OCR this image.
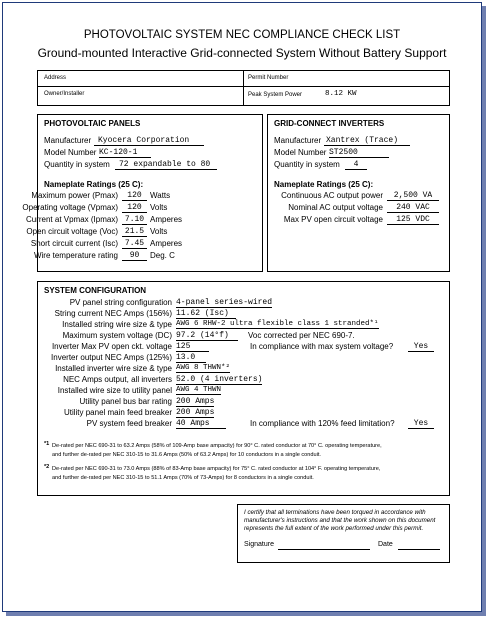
PHOTOVOLTAIC SYSTEM NEC COMPLIANCE CHECK LIST
Ground-mounted Interactive Grid-connected System Without Battery Support
Address	Permit Number
Owner/Installer	Peak System Power	8.12 KW
PHOTOVOLTAIC PANELS
Manufacturer Kyocera Corporation
Model Number KC-120-1
Quantity in system	72 expandable to 80
Nameplate Ratings (25 C):
Maximum power (Pmax)	120	Watts
Operating voltage (Vpmax)	120	Volts
Current at Vpmax (Ipmax) 7.10 Amperes
Open circuit voltage (Voc) 21.5 Volts
Short circuit current (Isc) 7.45 Amperes
Wire temperature rating	90	Deg. C
GRID-CONNECT INVERTERS
Manufacturer Xantrex (Trace)
Model Number ST2500
Quantity in system	4
Nameplate Ratings (25 C):
Continuous AC output power	2,500 VA
Nominal AC output voltage	240 VAC
Max PV open circuit voltage	125 VDC
SYSTEM CONFIGURATION
PV panel string configuration 4-panel series-wired
String current NEC Amps (156%) 11.62 (Isc)
Installed string wire size & type AWG 6 RHW-2 ultra flexible class 1 stranded*¹
Maximum system voltage (DC) 97.2 (14°f)	Voc corrected per NEC 690-7.
Inverter Max PV open ckt. voltage 125	In compliance with max system voltage?	Yes
Inverter output NEC Amps (125%) 13.0
Installed inverter wire size & type AWG 8 THWN*²
NEC Amps output, all inverters 52.0 (4 inverters)
Installed wire size to utility panel AWG 4 THWN
Utility panel bus bar rating 200 Amps
Utility panel main feed breaker 200 Amps
PV system feed breaker 40 Amps	In compliance with 120% feed limitation?	Yes
*1 De-rated per NEC 690-31 to 63.2 Amps (58% of 109-Amp base ampacity) for 90° C. rated conductor at 70° C. operating temperature,
and further de-rated per NEC 310-15 to 31.6 Amps (50% of 63.2 Amps) for 10 conductors in a single conduit.
*2 De-rated per NEC 690-31 to 73.0 Amps (88% of 83-Amp base ampacity) for 75° C. rated conductor at 104° F. operating temperature,
and further de-rated per NEC 310-15 to 51.1 Amps (70% of 73-Amps) for 8 conductors in a single conduit.
I certify that all terminations have been torqued in accordance with
manufacturer's instructions and that the work shown on this document
represents the full extent of the work performed under this permit.
Signature	Date
